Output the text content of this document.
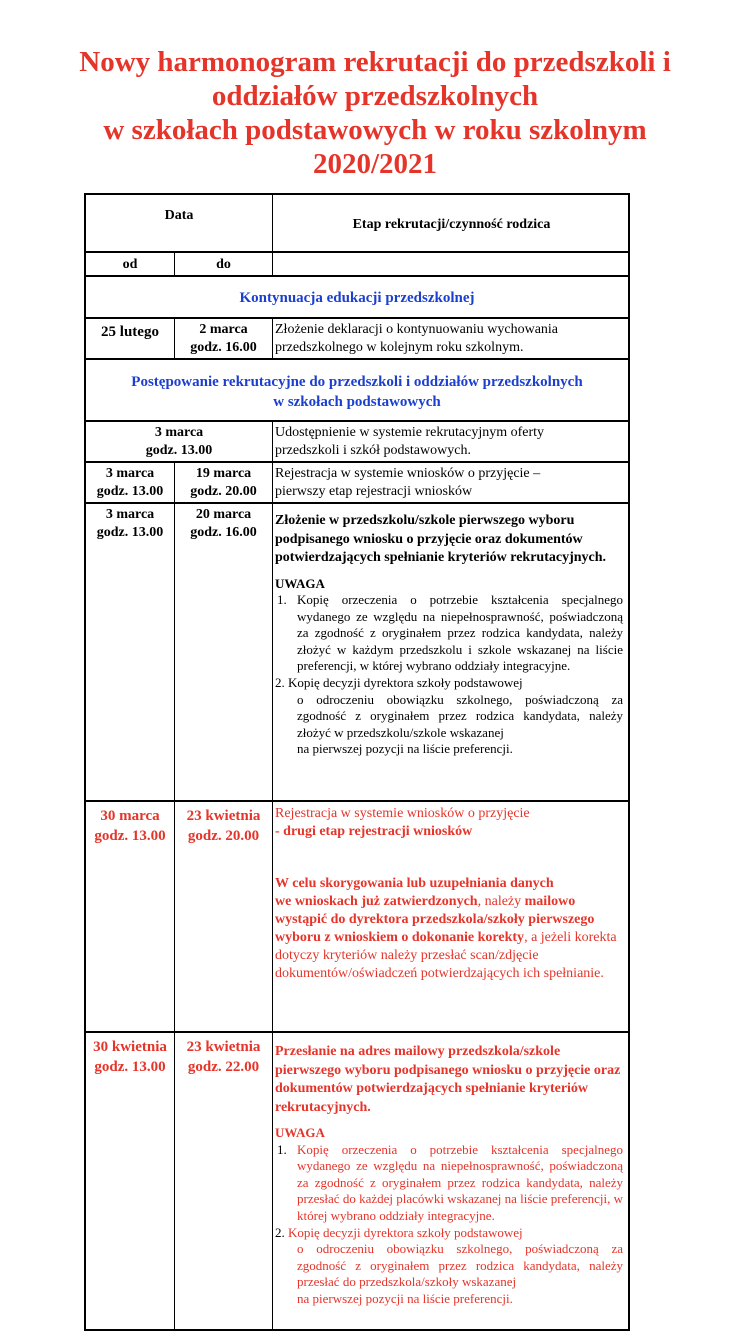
Nowy harmonogram rekrutacji do przedszkoli i
oddziałów przedszkolnych
w szkołach podstawowych w roku szkolnym
2020/2021
Data
Etap rekrutacji/czynność rodzica
od	do
Kontynuacja edukacji przedszkolnej
25 lutego	2 marca
godz. 16.00
Złożenie deklaracji o kontynuowaniu wychowania
przedszkolnego w kolejnym roku szkolnym.
Postępowanie rekrutacyjne do przedszkoli i oddziałów przedszkolnych
w szkołach podstawowych
3 marca
godz. 13.00
Udostępnienie w systemie rekrutacyjnym oferty
przedszkoli i szkół podstawowych.
3 marca
godz. 13.00
19 marca
godz. 20.00
Rejestracja w systemie wniosków o przyjęcie –
pierwszy etap rejestracji wniosków
3 marca
godz. 13.00
20 marca
godz. 16.00
Złożenie w przedszkolu/szkole pierwszego wyboru podpisanego wniosku o przyjęcie oraz dokumentów potwierdzających spełnianie kryteriów rekrutacyjnych.
UWAGA
1. Kopię orzeczenia o potrzebie kształcenia specjalnego wydanego ze względu na niepełnosprawność, poświadczoną za zgodność z oryginałem przez rodzica kandydata, należy złożyć w każdym przedszkolu i szkole wskazanej na liście preferencji, w której wybrano oddziały integracyjne.
2. Kopię decyzji dyrektora szkoły podstawowej
o odroczeniu obowiązku szkolnego, poświadczoną za zgodność z oryginałem przez rodzica kandydata, należy złożyć w przedszkolu/szkole wskazanej
na pierwszej pozycji na liście preferencji.
30 marca
godz. 13.00
23 kwietnia
godz. 20.00
Rejestracja w systemie wniosków o przyjęcie
- drugi etap rejestracji wniosków
W celu skorygowania lub uzupełniania danych
we wnioskach już zatwierdzonych, należy mailowo wystąpić do dyrektora przedszkola/szkoły pierwszego wyboru z wnioskiem o dokonanie korekty, a jeżeli korekta dotyczy kryteriów należy przesłać scan/zdjęcie dokumentów/oświadczeń potwierdzających ich spełnianie.
30 kwietnia
godz. 13.00
23 kwietnia
godz. 22.00
Przesłanie na adres mailowy przedszkola/szkole pierwszego wyboru podpisanego wniosku o przyjęcie oraz dokumentów potwierdzających spełnianie kryteriów rekrutacyjnych.
UWAGA
1. Kopię orzeczenia o potrzebie kształcenia specjalnego wydanego ze względu na niepełnosprawność, poświadczoną za zgodność z oryginałem przez rodzica kandydata, należy przesłać do każdej placówki wskazanej na liście preferencji, w której wybrano oddziały integracyjne.
2. Kopię decyzji dyrektora szkoły podstawowej
o odroczeniu obowiązku szkolnego, poświadczoną za zgodność z oryginałem przez rodzica kandydata, należy przesłać do przedszkola/szkoły wskazanej
na pierwszej pozycji na liście preferencji.
